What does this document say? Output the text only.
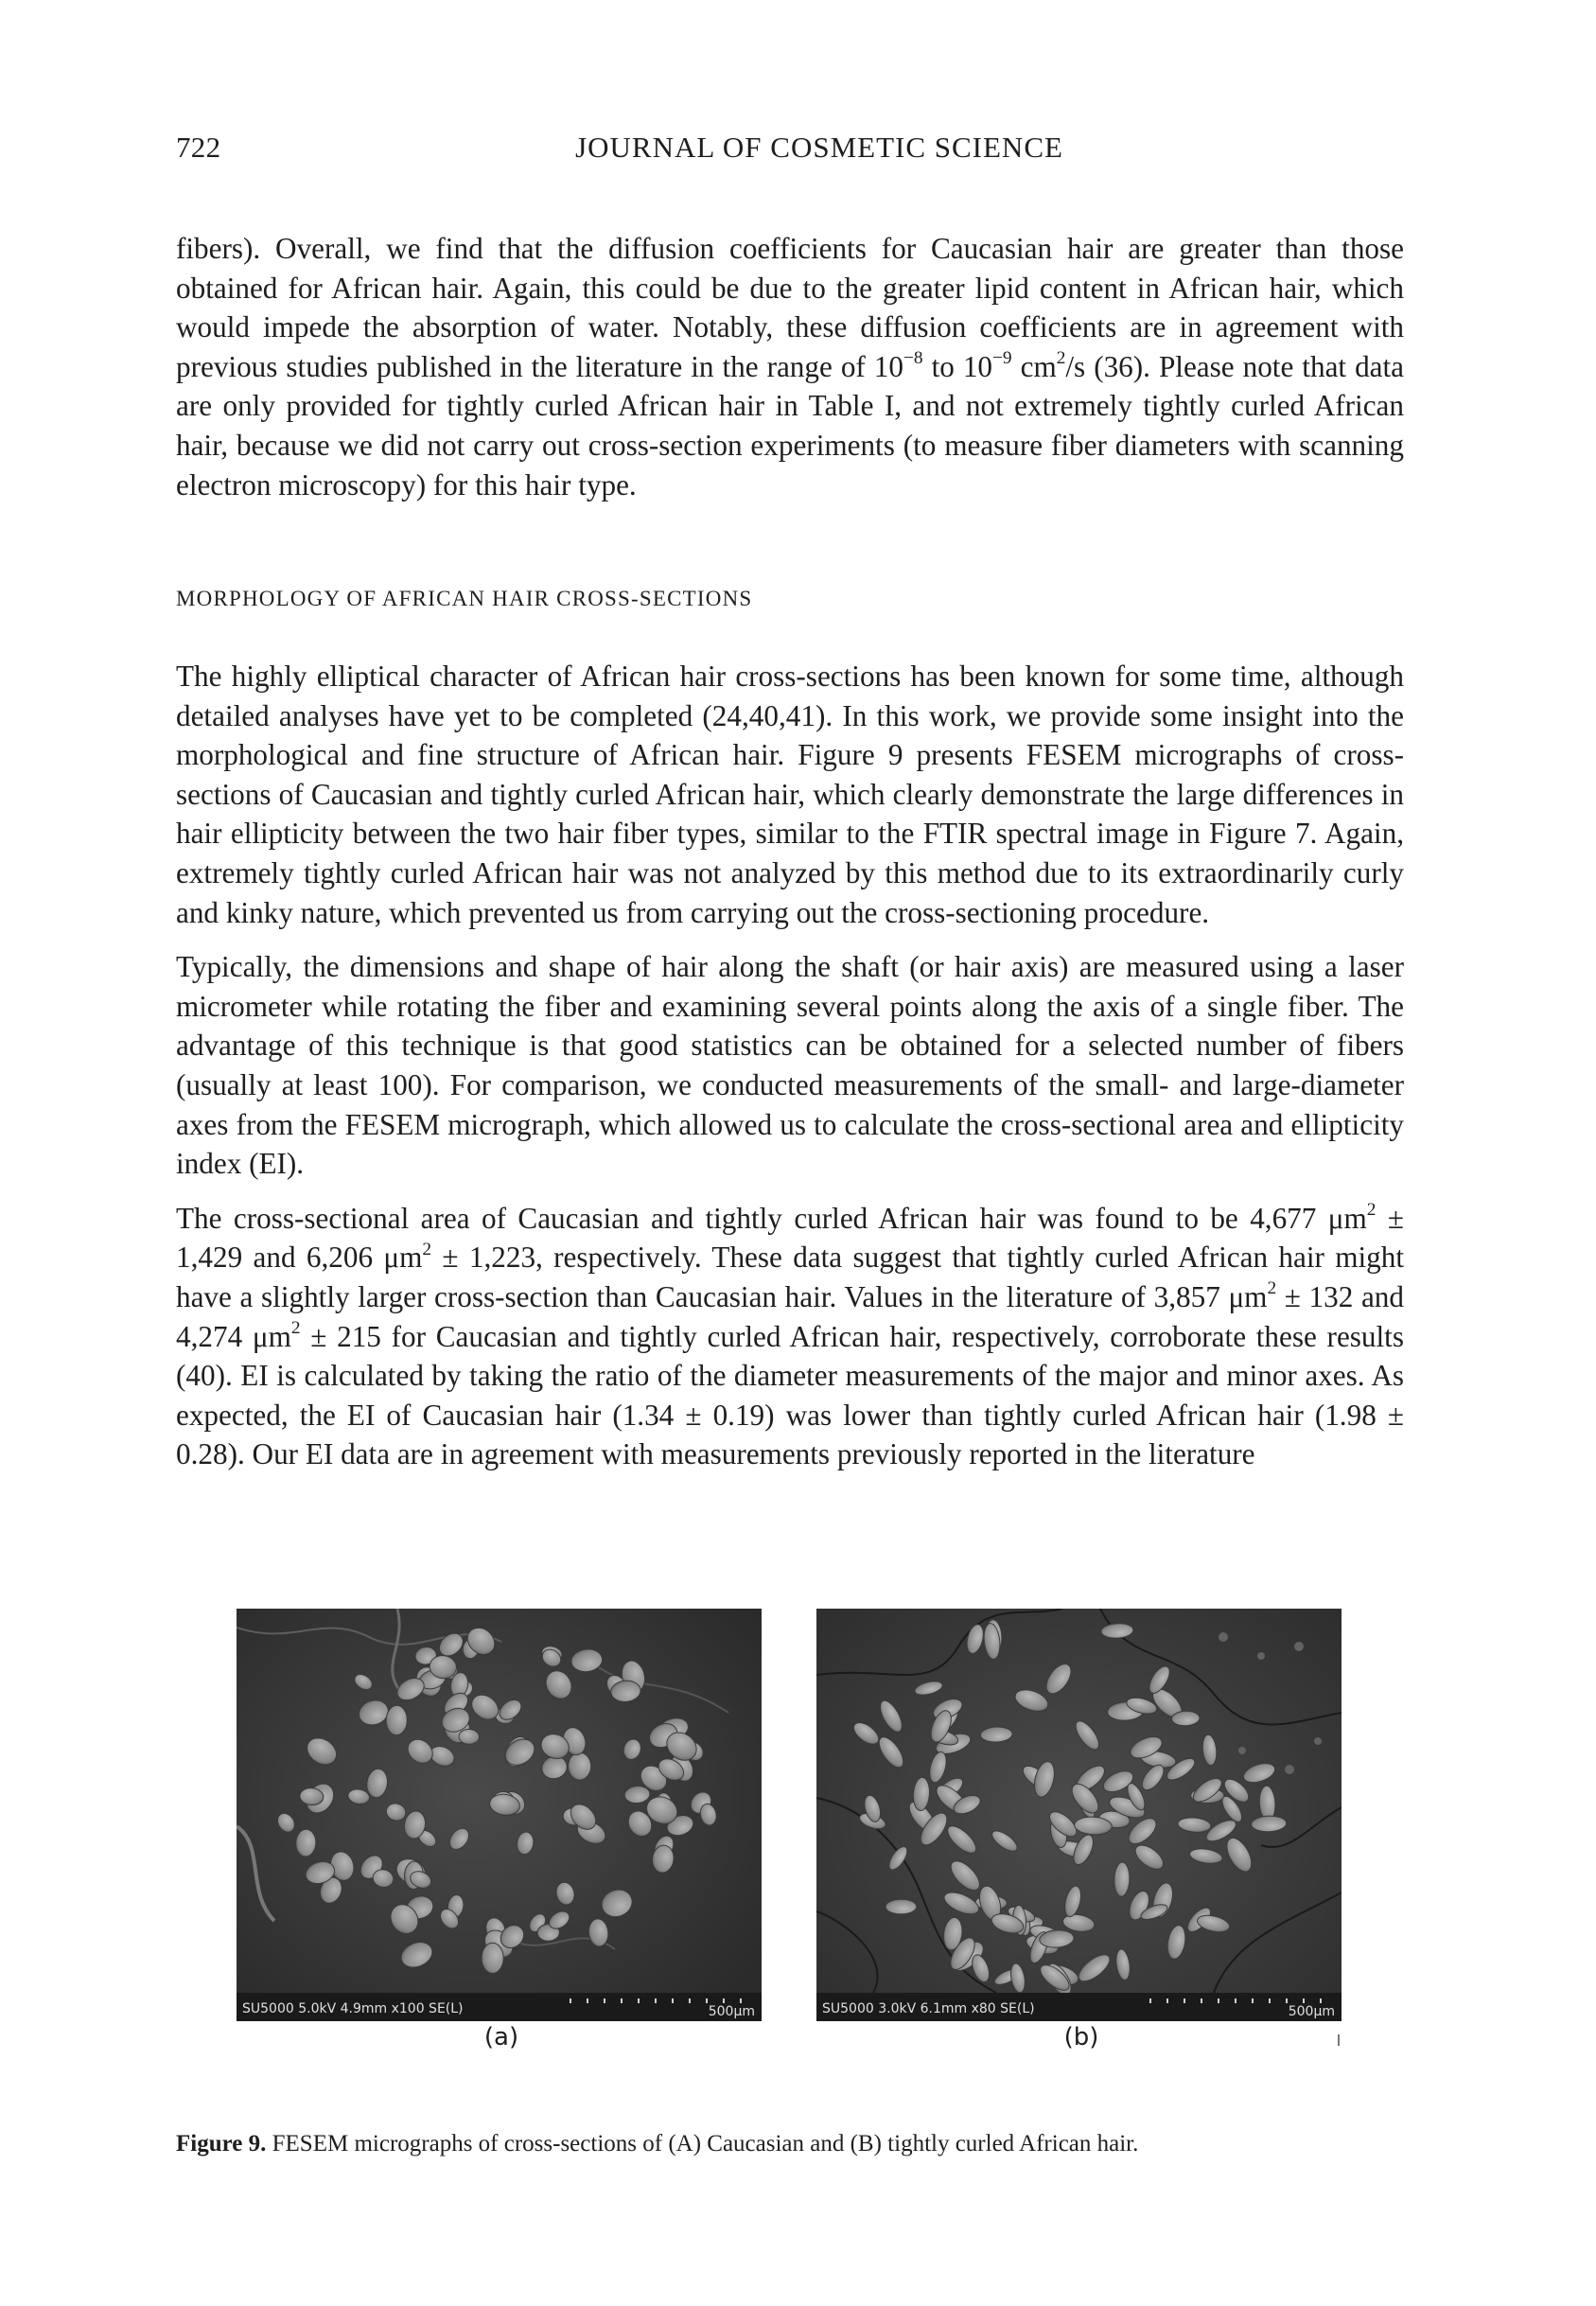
722	JOURNAL OF COSMETIC SCIENCE

fibers). Overall, we find that the diffusion coefficients for Caucasian hair are greater than those obtained for African hair. Again, this could be due to the greater lipid content in African hair, which would impede the absorption of water. Notably, these diffusion coefficients are in agreement with previous studies published in the literature in the range of $10^{-8}$ to $10^{-9}$ $cm^2/s$ (36). Please note that data are only provided for tightly curled African hair in Table I, and not extremely tightly curled African hair, because we did not carry out cross-section experiments (to measure fiber diameters with scanning electron microscopy) for this hair type.

MORPHOLOGY OF AFRICAN HAIR CROSS-SECTIONS

The highly elliptical character of African hair cross-sections has been known for some time, although detailed analyses have yet to be completed (24,40,41). In this work, we provide some insight into the morphological and fine structure of African hair. Figure 9 presents FESEM micrographs of cross-sections of Caucasian and tightly curled African hair, which clearly demonstrate the large differences in hair ellipticity between the two hair fiber types, similar to the FTIR spectral image in Figure 7. Again, extremely tightly curled African hair was not analyzed by this method due to its extraordinarily curly and kinky nature, which prevented us from carrying out the cross-sectioning procedure.

Typically, the dimensions and shape of hair along the shaft (or hair axis) are measured using a laser micrometer while rotating the fiber and examining several points along the axis of a single fiber. The advantage of this technique is that good statistics can be obtained for a selected number of fibers (usually at least 100). For comparison, we conducted measurements of the small- and large-diameter axes from the FESEM micrograph, which allowed us to calculate the cross-sectional area and ellipticity index (EI).

The cross-sectional area of Caucasian and tightly curled African hair was found to be 4,677 $\mu m^2 \pm 1,429$ and 6,206 $\mu m^2 \pm 1,223$, respectively. These data suggest that tightly curled African hair might have a slightly larger cross-section than Caucasian hair. Values in the literature of 3,857 $\mu m^2 \pm 132$ and 4,274 $\mu m^2 \pm 215$ for Caucasian and tightly curled African hair, respectively, corroborate these results (40). EI is calculated by taking the ratio of the diameter measurements of the major and minor axes. As expected, the EI of Caucasian hair (1.34 ± 0.19) was lower than tightly curled African hair (1.98 ± 0.28). Our EI data are in agreement with measurements previously reported in the literature

SU5000 5.0kV 4.9mm x100 SE(L)	500μm	SU5000 3.0kV 6.1mm x80 SE(L)	500μm
(a)	(b)
Figure 9. FESEM micrographs of cross-sections of (A) Caucasian and (B) tightly curled African hair.
